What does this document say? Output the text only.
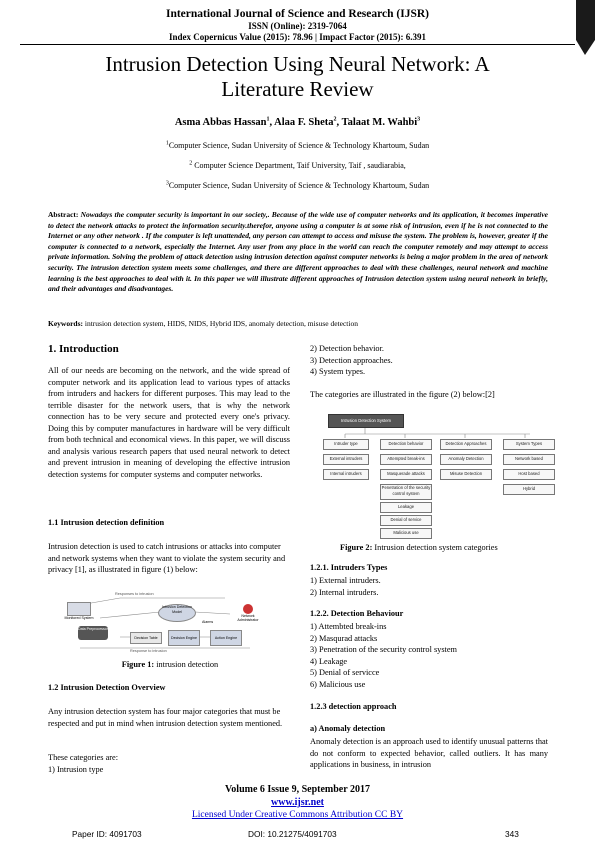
International Journal of Science and Research (IJSR)
ISSN (Online): 2319-7064
Index Copernicus Value (2015): 78.96 | Impact Factor (2015): 6.391
Intrusion Detection Using Neural Network: A
Literature Review
Asma Abbas Hassan$^1$, Alaa F. Sheta$^2$, Talaat M. Wahbi$^3$
$^1$Computer Science, Sudan University of Science & Technology Khartoum, Sudan
$^2$ Computer Science Department, Taif University, Taif , saudiarabia,
$^3$Computer Science, Sudan University of Science & Technology Khartoum, Sudan
Abstract: Nowadays the computer security is important in our society,. Because of the wide use of computer networks and its application, it becomes imperative to detect the network attacks to protect the information security.therefor, anyone using a computer is at some risk of intrusion, even if he is not connected to the Internet or any other network . If the computer is left unattended, any person can attempt to access and misuse the system. The problem is, however, greater if the computer is connected to a network, especially the Internet. Any user from any place in the world can reach the computer remotely and may attempt to access private information. Solving the problem of attack detection using intrusion detection against computer networks is being a major problem in the area of network security. The intrusion detection system meets some challenges, and there are different approaches to deal with these challenges, neural network and machine learning is the best approaches to deal with it. In this paper we will illustrate different approaches of Intrusion detection system using neural network in briefly, and their advantages and disadvantages.
Keywords: intrusion detection system, HIDS, NIDS, Hybrid IDS, anomaly detection, misuse detection
1. Introduction
All of our needs are becoming on the network, and the wide spread of computer network and its application lead to various types of attacks from intruders and hackers for different purposes. This may lead to the terrible disaster for the network users, that is why the network connection has to be very secure and protected every one's privacy. Doing this by computer manufactures in hardware will be very difficult from both technical and economical views. In this paper, we will discuss and analysis various research papers that used neural network to detect and prevent intrusion in meaning of developing the effective intrusion detection systems for computer systems and computer networks.
1.1 Intrusion detection definition
Intrusion detection is used to catch intrusions or attacks into computer and network systems when they want to violate the system security and privacy [1], as illustrated in figure (1) below:
Responses to intrusion
Response to intrusion
Monitored System
Data Preprocessor
Intrusion Detection Model
Network Administrator
Alarms
Decision Table	Decision Engine	Action Engine
Figure 1: intrusion detection
1.2 Intrusion Detection Overview
Any intrusion detection system has four major categories that must be respected and put in mind when intrusion detection system mentioned.
These categories are:
1) Intrusion type
2) Detection behavior.
3) Detection approaches.
4) System types.
The categories are illustrated in the figure (2) below:[2]
Intrusion Detection System
Intruder type
External intruders
Internal intruders
Detection behavior
Attempted break-ins
Masquerade attacks
Penetration of the security control system
Leakage
Denial of service
Malicious use
Detection Approaches
Anomaly Detection
Misuse Detection
System Types
Network based
Host based
Hybrid
Figure 2: Intrusion detection system categories
1.2.1. Intruders Types
1) External intruders.
2) Internal intruders.
1.2.2. Detection Behaviour
1) Attembted break-ins
2) Masqurad attacks
3) Penetration of the security control system
4) Leakage
5) Denial of servicce
6) Malicious use
1.2.3 detection approach
a) Anomaly detection
Anomaly detection is an approach used to identify unusual patterns that do not conform to expected behavior, called outliers. It has many applications in business, in intrusion
Volume 6 Issue 9, September 2017
www.ijsr.net
Licensed Under Creative Commons Attribution CC BY
Paper ID: 4091703	DOI: 10.21275/4091703	343
